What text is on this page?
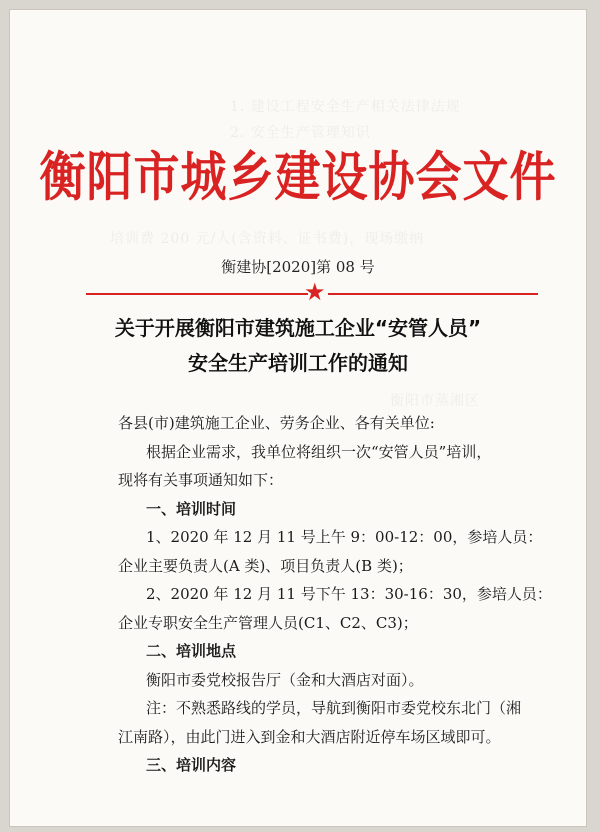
1. 建设工程安全生产相关法律法规
2. 安全生产管理知识
培训费 200 元/人(含资料、证书费)，现场缴纳
衡阳市蒸湘区
衡阳市城乡建设协会文件
衡建协[2020]第 08 号
★
关于开展衡阳市建筑施工企业“安管人员”
安全生产培训工作的通知
各县(市)建筑施工企业、劳务企业、各有关单位:
根据企业需求，我单位将组织一次“安管人员”培训，
现将有关事项通知如下：
一、培训时间
1、2020 年 12 月 11 号上午 9：00-12：00，参培人员：
企业主要负责人(A 类)、项目负责人(B 类)；
2、2020 年 12 月 11 号下午 13：30-16：30，参培人员：
企业专职安全生产管理人员(C1、C2、C3)；
二、培训地点
衡阳市委党校报告厅（金和大酒店对面）。
注：不熟悉路线的学员，导航到衡阳市委党校东北门（湘
江南路），由此门进入到金和大酒店附近停车场区域即可。
三、培训内容
